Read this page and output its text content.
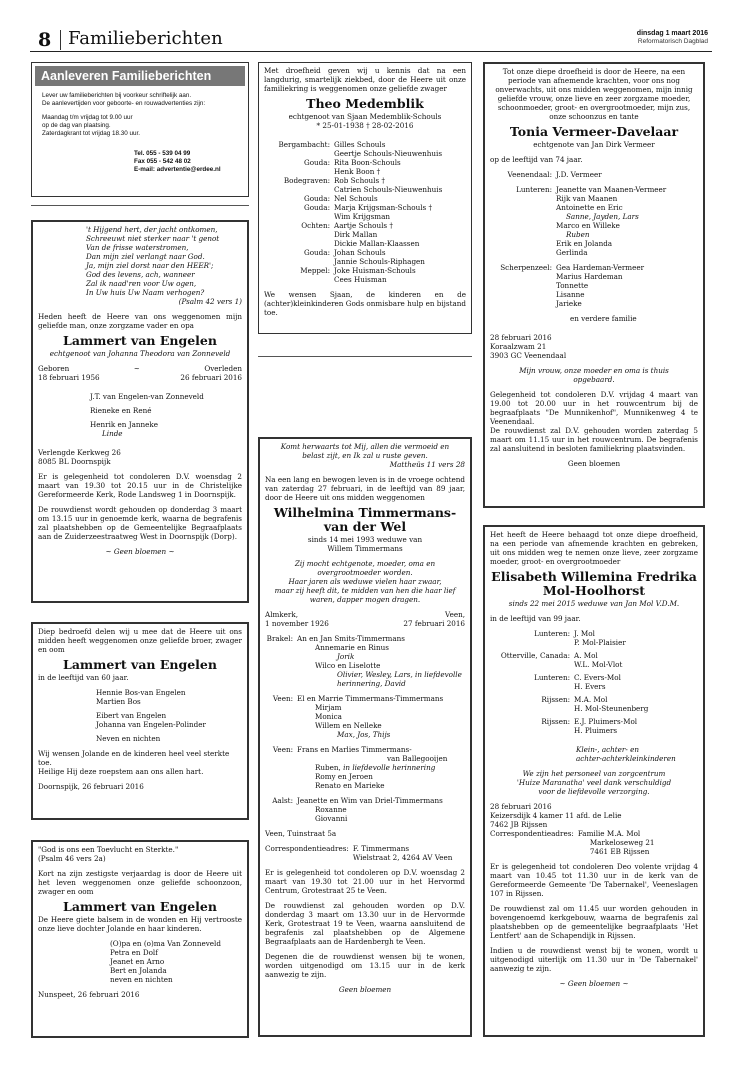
8 Familieberichten	dinsdag 1 maart 2016
Reformatorisch Dagblad
Aanleveren Familieberichten

Lever uw familieberichten bij voorkeur schriftelijk aan.

De aanlevertijden voor geboorte- en rouwadvertenties zijn:

Maandag t/m vrijdag tot 9.00 uur

op de dag van plaatsing.

Zaterdagkrant tot vrijdag 18.30 uur.

Tel. 055 - 539 04 99

Fax 055 - 542 48 02

E-mail: advertentie@erdee.nl

't Hijgend hert, der jacht ontkomen,

Schreeuwt niet sterker naar 't genot

Van de frisse waterstromen,

Dan mijn ziel verlangt naar God.

Ja, mijn ziel dorst naar den HEER';

God des levens, ach, wanneer

Zal ik naad'ren voor Uw ogen,

In Uw huis Uw Naam verhogen?

(Psalm 42 vers 1)

Heden heeft de Heere van ons weggenomen mijn geliefde man, onze zorgzame vader en opa

Lammert van Engelen

echtgenoot van Johanna Theodora van Zonneveld

Geboren	~	Overleden
18 februari 1956	26 februari 2016

J.T. van Engelen-van Zonneveld

Rieneke en René

Henrik en Janneke

Linde

Verlengde Kerkweg 26

8085 BL Doornspijk

Er is gelegenheid tot condoleren D.V. woensdag 2 maart van 19.30 tot 20.15 uur in de Christelijke Gereformeerde Kerk, Rode Landsweg 1 in Doornspijk.

De rouwdienst wordt gehouden op donderdag 3 maart om 13.15 uur in genoemde kerk, waarna de begrafenis zal plaatshebben op de Gemeentelijke Begraafplaats aan de Zuiderzeestraatweg West in Doornspijk (Dorp).

~ Geen bloemen ~

Diep bedroefd delen wij u mee dat de Heere uit ons midden heeft weggenomen onze geliefde broer, zwager en oom

Lammert van Engelen

in de leeftijd van 60 jaar.

Hennie Bos-van Engelen

Martien Bos

Eibert van Engelen

Johanna van Engelen-Polinder

Neven en nichten

Wij wensen Jolande en de kinderen heel veel sterkte toe.

Heilige Hij deze roepstem aan ons allen hart.

Doornspijk, 26 februari 2016

"God is ons een Toevlucht en Sterkte."

(Psalm 46 vers 2a)

Kort na zijn zestigste verjaardag is door de Heere uit het leven weggenomen onze geliefde schoonzoon, zwager en oom

Lammert van Engelen

De Heere giete balsem in de wonden en Hij vertrooste onze lieve dochter Jolande en haar kinderen.

(O)pa en (o)ma Van Zonneveld

Petra en Dolf

Jeanet en Arno

Bert en Jolanda

neven en nichten

Nunspeet, 26 februari 2016

Met droefheid geven wij u kennis dat na een langdurig, smartelijk ziekbed, door de Heere uit onze familiekring is weggenomen onze geliefde zwager

Theo Medemblik

echtgenoot van Sjaan Medemblik-Schouls

* 25-01-1938 † 28-02-2016

Bergambacht: Gilles Schouls

Geertje Schouls-Nieuwenhuis

Gouda: Rita Boon-Schouls

Henk Boon †

Bodegraven: Rob Schouls †

Catrien Schouls-Nieuwenhuis

Gouda: Nel Schouls

Gouda: Marja Krijgsman-Schouls †

Wim Krijgsman

Ochten: Aartje Schouls †

Dirk Mallan

Dickie Mallan-Klaassen

Gouda: Johan Schouls

Jannie Schouls-Riphagen

Meppel: Joke Huisman-Schouls

Cees Huisman

We wensen Sjaan, de kinderen en de (achter)kleinkinderen Gods onmisbare hulp en bijstand toe.

Komt herwaarts tot Mij, allen die vermoeid en

belast zijt, en Ik zal u ruste geven.

Mattheüs 11 vers 28

Na een lang en bewogen leven is in de vroege ochtend van zaterdag 27 februari, in de leeftijd van 89 jaar, door de Heere uit ons midden weggenomen

Wilhelmina Timmermans-
van der Wel

sinds 14 mei 1993 weduwe van

Willem Timmermans

Zij mocht echtgenote, moeder, oma en

overgrootmoeder worden.

Haar jaren als weduwe vielen haar zwaar,

maar zij heeft dit, te midden van hen die haar lief

waren, dapper mogen dragen.

Almkerk,	Veen,
1 november 1926	27 februari 2016
Brakel: An en Jan Smits-Timmermans

Annemarie en Rinus

Jorik

Wilco en Liselotte

Olivier, Wesley, Lars, in liefdevolle

herinnering, David

Veen: El en Marrie Timmermans-Timmermans

Mirjam

Monica

Willem en Nelleke

Max, Jos, Thijs

Veen: Frans en Marlies Timmermans-

van Ballegooijen

Ruben, in liefdevolle herinnering

Romy en Jeroen

Renato en Marieke

Aalst: Jeanette en Wim van Driel-Timmermans

Roxanne

Giovanni

Veen, Tuinstraat 5a

Correspondentieadres: F. Timmermans

Wielstraat 2, 4264 AV Veen

Er is gelegenheid tot condoleren op D.V. woensdag 2 maart van 19.30 tot 21.00 uur in het Hervormd Centrum, Grotestraat 25 te Veen.

De rouwdienst zal gehouden worden op D.V. donderdag 3 maart om 13.30 uur in de Hervormde Kerk, Grotestraat 19 te Veen, waarna aansluitend de begrafenis zal plaatshebben op de Algemene Begraafplaats aan de Hardenbergh te Veen.

Degenen die de rouwdienst wensen bij te wonen, worden uitgenodigd om 13.15 uur in de kerk aanwezig te zijn.

Geen bloemen

Tot onze diepe droefheid is door de Heere, na een periode van afnemende krachten, voor ons nog onverwachts, uit ons midden weggenomen, mijn innig geliefde vrouw, onze lieve en zeer zorgzame moeder, schoonmoeder, groot- en overgrootmoeder, mijn zus, onze schoonzus en tante

Tonia Vermeer-Davelaar

echtgenote van Jan Dirk Vermeer

op de leeftijd van 74 jaar.

Veenendaal: J.D. Vermeer

Lunteren: Jeanette van Maanen-Vermeer

Rijk van Maanen

Antoinette en Eric

Sanne, Jayden, Lars

Marco en Willeke

Ruben

Erik en Jolanda

Gerlinda

Scherpenzeel: Gea Hardeman-Vermeer

Marius Hardeman

Tonnette

Lisanne

Jarieke

en verdere familie

28 februari 2016

Koraalzwam 21

3903 GC Veenendaal

Mijn vrouw, onze moeder en oma is thuis

opgebaard.

Gelegenheid tot condoleren D.V. vrijdag 4 maart van 19.00 tot 20.00 uur in het rouwcentrum bij de begraafplaats "De Munnikenhof", Munnikenweg 4 te Veenendaal.

De rouwdienst zal D.V. gehouden worden zaterdag 5 maart om 11.15 uur in het rouwcentrum. De begrafenis zal aansluitend in besloten familiekring plaatsvinden.

Geen bloemen

Het heeft de Heere behaagd tot onze diepe droefheid, na een periode van afnemende krachten en gebreken, uit ons midden weg te nemen onze lieve, zeer zorgzame moeder, groot- en overgrootmoeder

Elisabeth Willemina Fredrika
Mol-Hoolhorst

sinds 22 mei 2015 weduwe van Jan Mol V.D.M.

in de leeftijd van 99 jaar.

Lunteren: J. Mol

P. Mol-Plaisier

Otterville, Canada: A. Mol

W.L. Mol-Vlot

Lunteren: C. Evers-Mol

H. Evers

Rijssen: M.A. Mol

H. Mol-Steunenberg

Rijssen: E.J. Pluimers-Mol

H. Pluimers

Klein-, achter- en

achter-achterkleinkinderen

We zijn het personeel van zorgcentrum

'Huize Maranatha' veel dank verschuldigd

voor de liefdevolle verzorging.

28 februari 2016

Keizersdijk 4 kamer 11 afd. de Lelie

7462 JB Rijssen

Correspondentieadres: Familie M.A. Mol

Markeloseweg 21

7461 EB Rijssen

Er is gelegenheid tot condoleren Deo volente vrijdag 4 maart van 10.45 tot 11.30 uur in de kerk van de Gereformeerde Gemeente 'De Tabernakel', Veeneslagen 107 in Rijssen.

De rouwdienst zal om 11.45 uur worden gehouden in bovengenoemd kerkgebouw, waarna de begrafenis zal plaatshebben op de gemeentelijke begraafplaats 'Het Lentfert' aan de Schapendijk in Rijssen.

Indien u de rouwdienst wenst bij te wonen, wordt u uitgenodigd uiterlijk om 11.30 uur in 'De Tabernakel' aanwezig te zijn.

~ Geen bloemen ~
